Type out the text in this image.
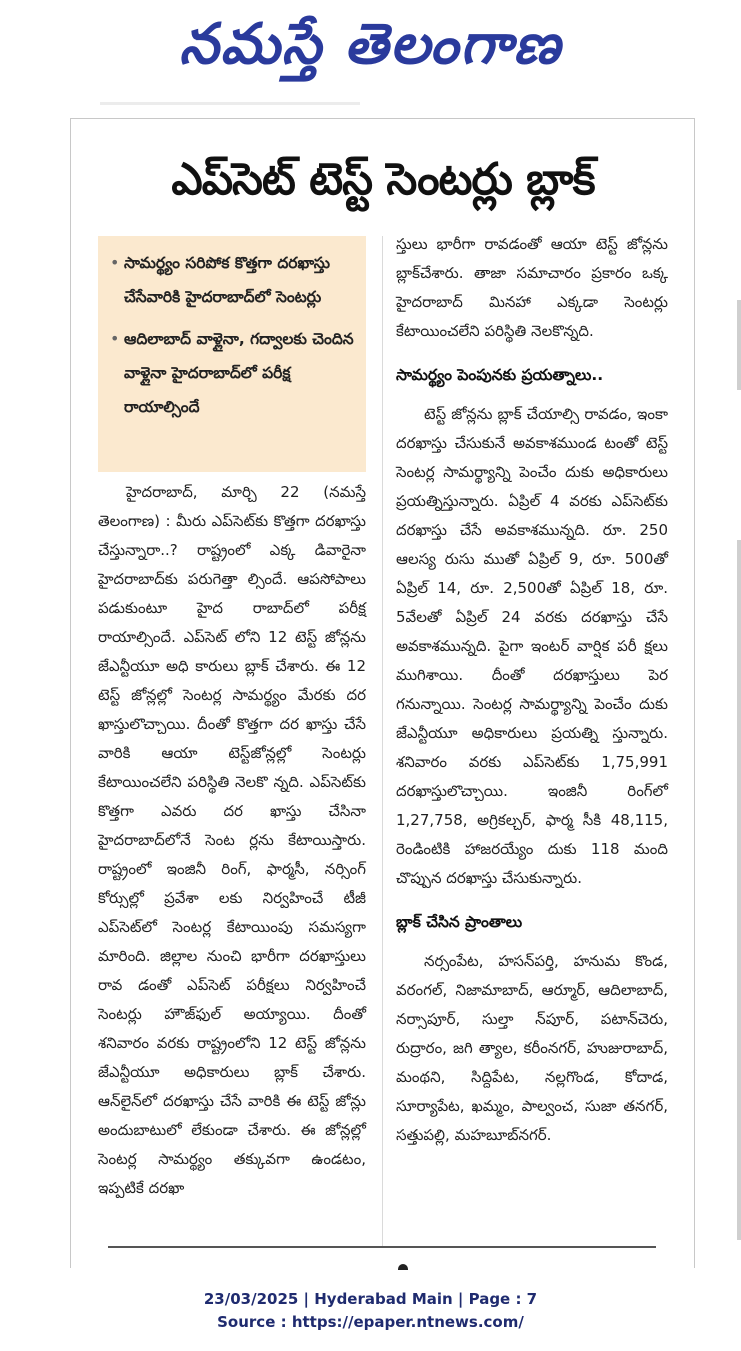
నమస్తే తెలంగాణ
ఎప్‌సెట్ టెస్ట్ సెంటర్లు బ్లాక్
• సామర్థ్యం సరిపోక కొత్తగా దరఖాస్తు చేసేవారికి హైదరాబాద్‌లో సెంటర్లు
• ఆదిలాబాద్ వాళ్లైనా, గద్వాలకు చెందిన వాళ్లైనా హైదరాబాద్‌లో పరీక్ష రాయాల్సిందే

హైదరాబాద్, మార్చి 22 (నమస్తే తెలంగాణ) : మీరు ఎప్‌సెట్‌కు కొత్తగా దరఖాస్తు చేస్తున్నారా..? రాష్ట్రంలో ఎక్క డివారైనా హైదరాబాద్‌కు పరుగెత్తా ల్సిందే. ఆపసోపాలు పడుకుంటూ హైద రాబాద్‌లో పరీక్ష రాయాల్సిందే. ఎప్‌సెట్ లోని 12 టెస్ట్ జోన్లను జేఎన్టీయూ అధి కారులు బ్లాక్ చేశారు. ఈ 12 టెస్ట్ జోన్లల్లో సెంటర్ల సామర్థ్యం మేరకు దర ఖాస్తులొచ్చాయి. దీంతో కొత్తగా దర ఖాస్తు చేసే వారికి ఆయా టెస్ట్‌జోన్లల్లో సెంటర్లు కేటాయించలేని పరిస్థితి నెలకొ న్నది. ఎప్‌సెట్‌కు కొత్తగా ఎవరు దర ఖాస్తు చేసినా హైదరాబాద్‌లోనే సెంట ర్లను కేటాయిస్తారు. రాష్ట్రంలో ఇంజినీ రింగ్, ఫార్మసీ, నర్సింగ్ కోర్సుల్లో ప్రవేశా లకు నిర్వహించే టీజీ ఎప్‌సెట్‌లో సెంటర్ల కేటాయింపు సమస్యగా మారింది. జిల్లాల నుంచి భారీగా దరఖాస్తులు రావ డంతో ఎప్‌సెట్ పరీక్షలు నిర్వహించే సెంటర్లు హౌజ్‌ఫుల్ అయ్యాయి. దీంతో శనివారం వరకు రాష్ట్రంలోని 12 టెస్ట్ జోన్లను జేఎన్టీయూ అధికారులు బ్లాక్ చేశారు. ఆన్‌లైన్‌లో దరఖాస్తు చేసే వారికి ఈ టెస్ట్ జోన్లు అందుబాటులో లేకుండా చేశారు. ఈ జోన్లల్లో సెంటర్ల సామర్థ్యం తక్కువగా ఉండటం, ఇప్పటికే దరఖా

స్తులు భారీగా రావడంతో ఆయా టెస్ట్ జోన్లను బ్లాక్‌చేశారు. తాజా సమాచారం ప్రకారం ఒక్క హైదరాబాద్ మినహా ఎక్కడా సెంటర్లు కేటాయించలేని పరిస్థితి నెలకొన్నది.

సామర్థ్యం పెంపునకు ప్రయత్నాలు..

టెస్ట్ జోన్లను బ్లాక్ చేయాల్సి రావడం, ఇంకా దరఖాస్తు చేసుకునే అవకాశముండ టంతో టెస్ట్ సెంటర్ల సామర్థ్యాన్ని పెంచేం దుకు అధికారులు ప్రయత్నిస్తున్నారు. ఏప్రిల్ 4 వరకు ఎప్‌సెట్‌కు దరఖాస్తు చేసే అవకాశమున్నది. రూ. 250 ఆలస్య రుసు ముతో ఏప్రిల్ 9, రూ. 500తో ఏప్రిల్ 14, రూ. 2,500తో ఏప్రిల్ 18, రూ. 5వేలతో ఏప్రిల్ 24 వరకు దరఖాస్తు చేసే అవకాశమున్నది. పైగా ఇంటర్ వార్షిక పరీ క్షలు ముగిశాయి. దీంతో దరఖాస్తులు పెర గనున్నాయి. సెంటర్ల సామర్థ్యాన్ని పెంచేం దుకు జేఎన్టీయూ అధికారులు ప్రయత్ని స్తున్నారు. శనివారం వరకు ఎప్‌సెట్‌కు 1,75,991 దరఖాస్తులొచ్చాయి. ఇంజినీ రింగ్‌లో 1,27,758, అగ్రికల్చర్, ఫార్మ సీకి 48,115, రెండింటికి హాజరయ్యేం దుకు 118 మంది చొప్పున దరఖాస్తు చేసుకున్నారు.

బ్లాక్ చేసిన ప్రాంతాలు

నర్సంపేట, హసన్‌పర్తి, హనుమ కొండ, వరంగల్, నిజామాబాద్, ఆర్మూర్, ఆదిలాబాద్, నర్సాపూర్, సుల్తా న్‌పూర్, పటాన్‌చెరు, రుద్రారం, జగి త్యాల, కరీంనగర్, హుజురాబాద్, మంథని, సిద్దిపేట, నల్లగొండ, కోదాడ, సూర్యాపేట, ఖమ్మం, పాల్వంచ, సుజా తనగర్, సత్తుపల్లి, మహబూబ్‌నగర్.

23/03/2025 | Hyderabad Main | Page : 7
Source : https://epaper.ntnews.com/
